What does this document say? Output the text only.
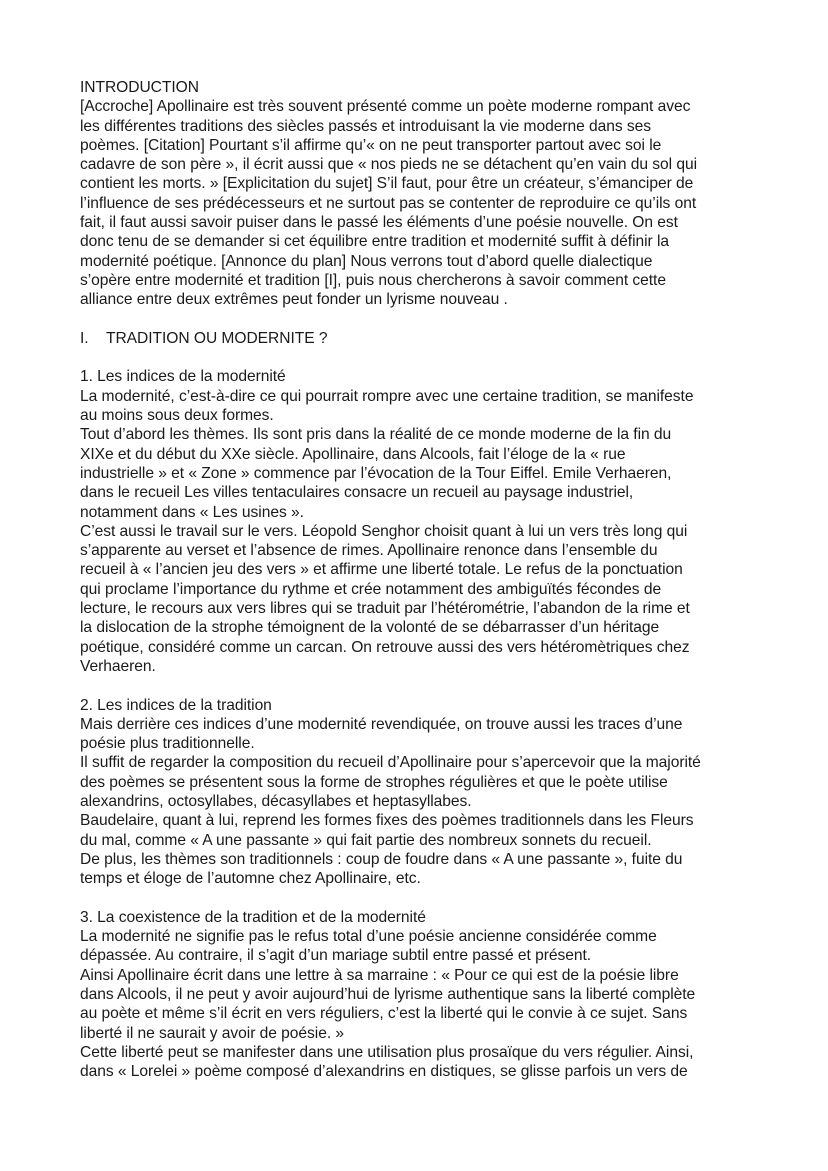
INTRODUCTION
[Accroche] Apollinaire est très souvent présenté comme un poète moderne rompant avec
les différentes traditions des siècles passés et introduisant la vie moderne dans ses
poèmes. [Citation] Pourtant s’il affirme qu’« on ne peut transporter partout avec soi le
cadavre de son père », il écrit aussi que « nos pieds ne se détachent qu’en vain du sol qui
contient les morts. » [Explicitation du sujet] S’il faut, pour être un créateur, s’émanciper de
l’influence de ses prédécesseurs et ne surtout pas se contenter de reproduire ce qu’ils ont
fait, il faut aussi savoir puiser dans le passé les éléments d’une poésie nouvelle. On est
donc tenu de se demander si cet équilibre entre tradition et modernité suffit à définir la
modernité poétique. [Annonce du plan] Nous verrons tout d’abord quelle dialectique
s’opère entre modernité et tradition [I], puis nous chercherons à savoir comment cette
alliance entre deux extrêmes peut fonder un lyrisme nouveau .
I. TRADITION OU MODERNITE ?
1. Les indices de la modernité
La modernité, c’est-à-dire ce qui pourrait rompre avec une certaine tradition, se manifeste
au moins sous deux formes.
Tout d’abord les thèmes. Ils sont pris dans la réalité de ce monde moderne de la fin du
XIXe et du début du XXe siècle. Apollinaire, dans Alcools, fait l’éloge de la « rue
industrielle » et « Zone » commence par l’évocation de la Tour Eiffel. Emile Verhaeren,
dans le recueil Les villes tentaculaires consacre un recueil au paysage industriel,
notamment dans « Les usines ».
C’est aussi le travail sur le vers. Léopold Senghor choisit quant à lui un vers très long qui
s’apparente au verset et l’absence de rimes. Apollinaire renonce dans l’ensemble du
recueil à « l’ancien jeu des vers » et affirme une liberté totale. Le refus de la ponctuation
qui proclame l’importance du rythme et crée notamment des ambiguïtés fécondes de
lecture, le recours aux vers libres qui se traduit par l’hétérométrie, l’abandon de la rime et
la dislocation de la strophe témoignent de la volonté de se débarrasser d’un héritage
poétique, considéré comme un carcan. On retrouve aussi des vers hétéromètriques chez
Verhaeren.
2. Les indices de la tradition
Mais derrière ces indices d’une modernité revendiquée, on trouve aussi les traces d’une
poésie plus traditionnelle.
Il suffit de regarder la composition du recueil d’Apollinaire pour s’apercevoir que la majorité
des poèmes se présentent sous la forme de strophes régulières et que le poète utilise
alexandrins, octosyllabes, décasyllabes et heptasyllabes.
Baudelaire, quant à lui, reprend les formes fixes des poèmes traditionnels dans les Fleurs
du mal, comme « A une passante » qui fait partie des nombreux sonnets du recueil.
De plus, les thèmes son traditionnels : coup de foudre dans « A une passante », fuite du
temps et éloge de l’automne chez Apollinaire, etc.
3. La coexistence de la tradition et de la modernité
La modernité ne signifie pas le refus total d’une poésie ancienne considérée comme
dépassée. Au contraire, il s’agit d’un mariage subtil entre passé et présent.
Ainsi Apollinaire écrit dans une lettre à sa marraine : « Pour ce qui est de la poésie libre
dans Alcools, il ne peut y avoir aujourd’hui de lyrisme authentique sans la liberté complète
au poète et même s’il écrit en vers réguliers, c’est la liberté qui le convie à ce sujet. Sans
liberté il ne saurait y avoir de poésie. »
Cette liberté peut se manifester dans une utilisation plus prosaïque du vers régulier. Ainsi,
dans « Lorelei » poème composé d’alexandrins en distiques, se glisse parfois un vers de
